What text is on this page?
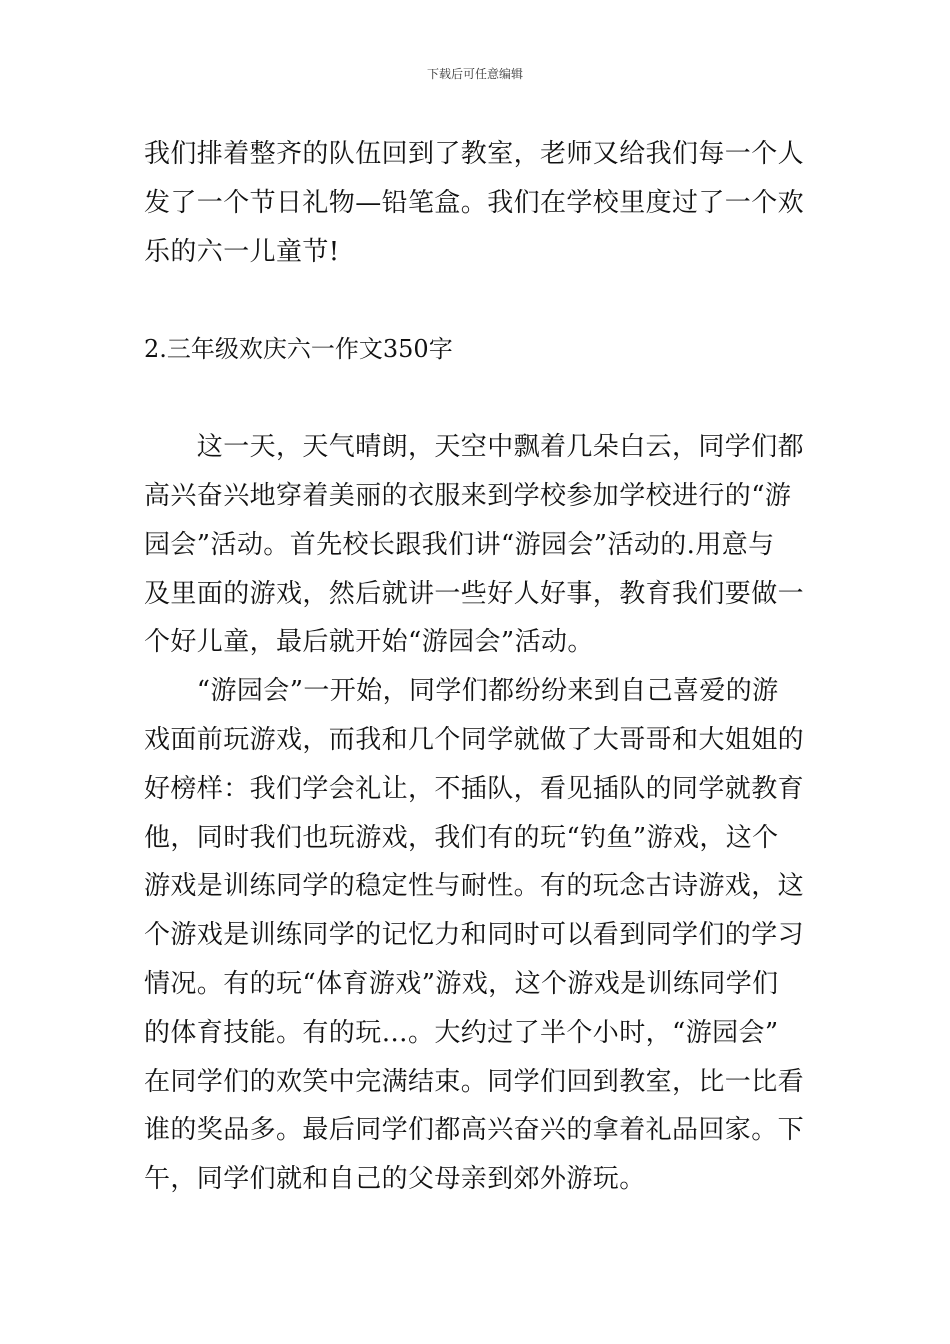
下载后可任意编辑

我们排着整齐的队伍回到了教室，老师又给我们每一个人
发了一个节日礼物—铅笔盒。我们在学校里度过了一个欢
乐的六一儿童节!

2.三年级欢庆六一作文350字

　　这一天，天气晴朗，天空中飘着几朵白云，同学们都
高兴奋兴地穿着美丽的衣服来到学校参加学校进行的“游
园会”活动。首先校长跟我们讲“游园会”活动的.用意与
及里面的游戏，然后就讲一些好人好事，教育我们要做一
个好儿童，最后就开始“游园会”活动。

　　“游园会”一开始，同学们都纷纷来到自己喜爱的游
戏面前玩游戏，而我和几个同学就做了大哥哥和大姐姐的
好榜样：我们学会礼让，不插队，看见插队的同学就教育
他，同时我们也玩游戏，我们有的玩“钓鱼”游戏，这个
游戏是训练同学的稳定性与耐性。有的玩念古诗游戏，这
个游戏是训练同学的记忆力和同时可以看到同学们的学习
情况。有的玩“体育游戏”游戏，这个游戏是训练同学们
的体育技能。有的玩…。大约过了半个小时，“游园会”
在同学们的欢笑中完满结束。同学们回到教室，比一比看
谁的奖品多。最后同学们都高兴奋兴的拿着礼品回家。下
午，同学们就和自己的父母亲到郊外游玩。
